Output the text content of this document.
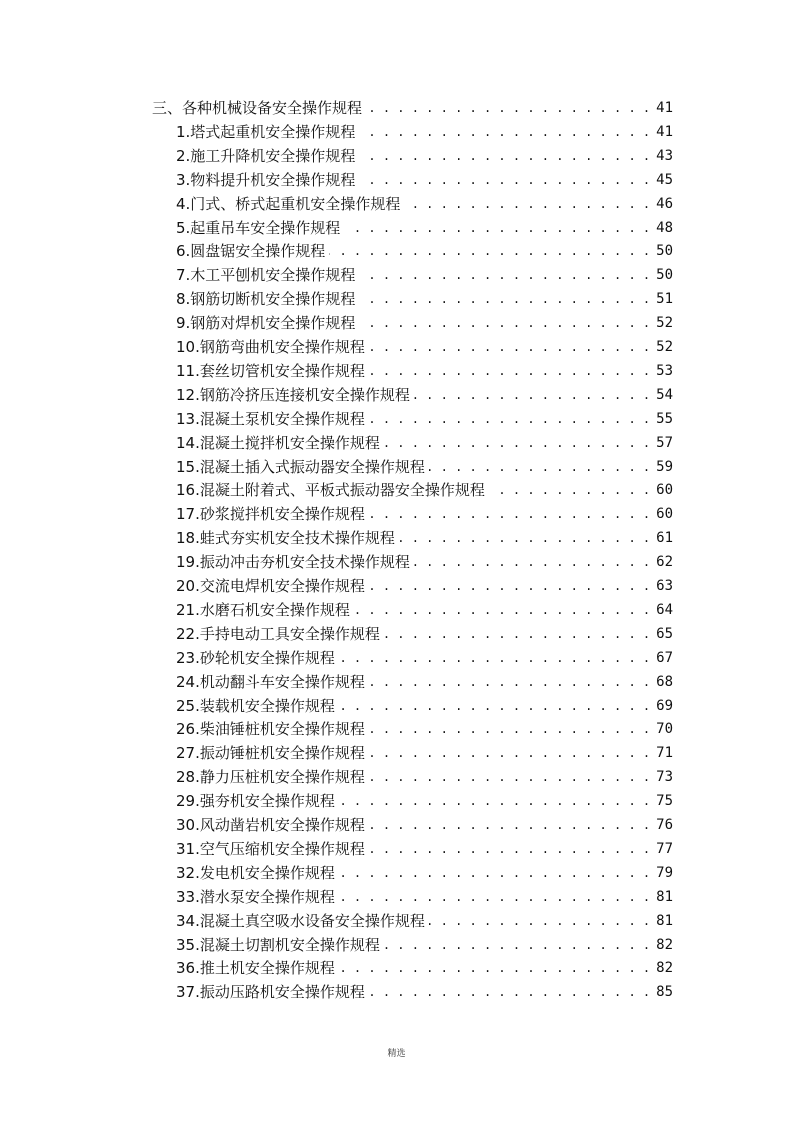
三、各种机械设备安全操作规程 . . .	41
1.塔式起重机安全操作规程 . . .	41
2.施工升降机安全操作规程 . . .	43
3.物料提升机安全操作规程 . . .	45
4.门式、桥式起重机安全操作规程 . . .	46
5.起重吊车安全操作规程 . . .	48
6.圆盘锯安全操作规程 . . .	50
7.木工平刨机安全操作规程 . . .	50
8.钢筋切断机安全操作规程 . . .	51
9.钢筋对焊机安全操作规程 . . .	52
10.钢筋弯曲机安全操作规程 . . .	52
11.套丝切管机安全操作规程 . . .	53
12.钢筋冷挤压连接机安全操作规程 . . .	54
13.混凝土泵机安全操作规程 . . .	55
14.混凝土搅拌机安全操作规程 . . .	57
15.混凝土插入式振动器安全操作规程 . . .	59
16.混凝土附着式、平板式振动器安全操作规程 . . .	60
17.砂浆搅拌机安全操作规程 . . .	60
18.蛙式夯实机安全技术操作规程 . . .	61
19.振动冲击夯机安全技术操作规程 . . .	62
20.交流电焊机安全操作规程 . . .	63
21.水磨石机安全操作规程 . . .	64
22.手持电动工具安全操作规程 . . .	65
23.砂轮机安全操作规程 . . .	67
24.机动翻斗车安全操作规程 . . .	68
25.装载机安全操作规程 . . .	69
26.柴油锤桩机安全操作规程 . . .	70
27.振动锤桩机安全操作规程 . . .	71
28.静力压桩机安全操作规程 . . .	73
29.强夯机安全操作规程 . . .	75
30.风动凿岩机安全操作规程 . . .	76
31.空气压缩机安全操作规程 . . .	77
32.发电机安全操作规程 . . .	79
33.潜水泵安全操作规程 . . .	81
34.混凝土真空吸水设备安全操作规程 . . .	81
35.混凝土切割机安全操作规程 . . .	82
36.推土机安全操作规程 . . .	82
37.振动压路机安全操作规程 . . .	85
精选
